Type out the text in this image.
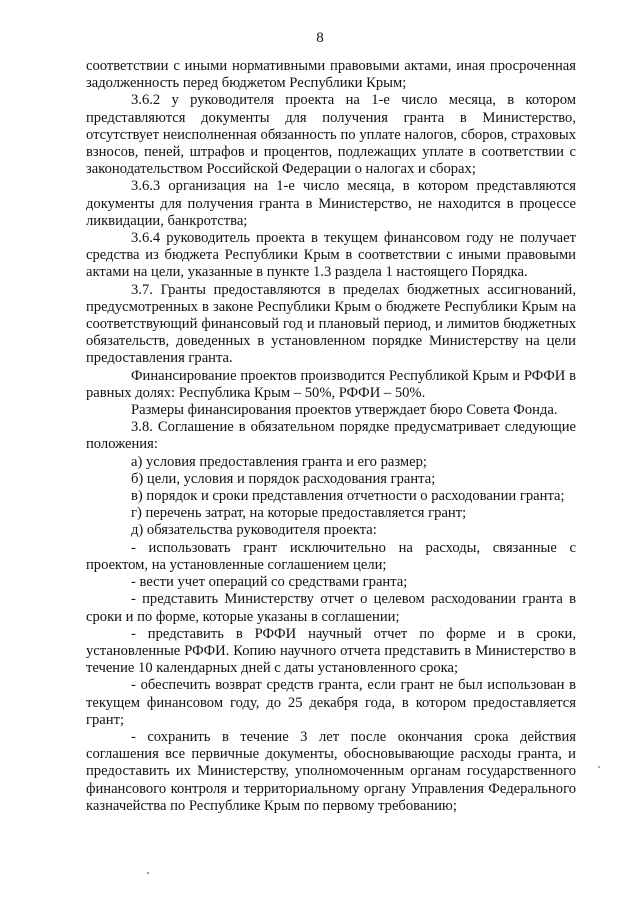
8

соответствии с иными нормативными правовыми актами, иная просроченная задолженность перед бюджетом Республики Крым;

3.6.2 у руководителя проекта на 1-е число месяца, в котором представляются документы для получения гранта в Министерство, отсутствует неисполненная обязанность по уплате налогов, сборов, страховых взносов, пеней, штрафов и процентов, подлежащих уплате в соответствии с законодательством Российской Федерации о налогах и сборах;

3.6.3 организация на 1-е число месяца, в котором представляются документы для получения гранта в Министерство, не находится в процессе ликвидации, банкротства;

3.6.4 руководитель проекта в текущем финансовом году не получает средства из бюджета Республики Крым в соответствии с иными правовыми актами на цели, указанные в пункте 1.3 раздела 1 настоящего Порядка.

3.7. Гранты предоставляются в пределах бюджетных ассигнований, предусмотренных в законе Республики Крым о бюджете Республики Крым на соответствующий финансовый год и плановый период, и лимитов бюджетных обязательств, доведенных в установленном порядке Министерству на цели предоставления гранта.

Финансирование проектов производится Республикой Крым и РФФИ в равных долях: Республика Крым – 50%, РФФИ – 50%.

Размеры финансирования проектов утверждает бюро Совета Фонда.

3.8. Соглашение в обязательном порядке предусматривает следующие положения:

а) условия предоставления гранта и его размер;

б) цели, условия и порядок расходования гранта;

в) порядок и сроки представления отчетности о расходовании гранта;

г) перечень затрат, на которые предоставляется грант;

д) обязательства руководителя проекта:

- использовать грант исключительно на расходы, связанные с проектом, на установленные соглашением цели;

- вести учет операций со средствами гранта;

- представить Министерству отчет о целевом расходовании гранта в сроки и по форме, которые указаны в соглашении;

- представить в РФФИ научный отчет по форме и в сроки, установленные РФФИ. Копию научного отчета представить в Министерство в течение 10 календарных дней с даты установленного срока;

- обеспечить возврат средств гранта, если грант не был использован в текущем финансовом году, до 25 декабря года, в котором предоставляется грант;

- сохранить в течение 3 лет после окончания срока действия соглашения все первичные документы, обосновывающие расходы гранта, и предоставить их Министерству, уполномоченным органам государственного финансового контроля и территориальному органу Управления Федерального казначейства по Республике Крым по первому требованию;
